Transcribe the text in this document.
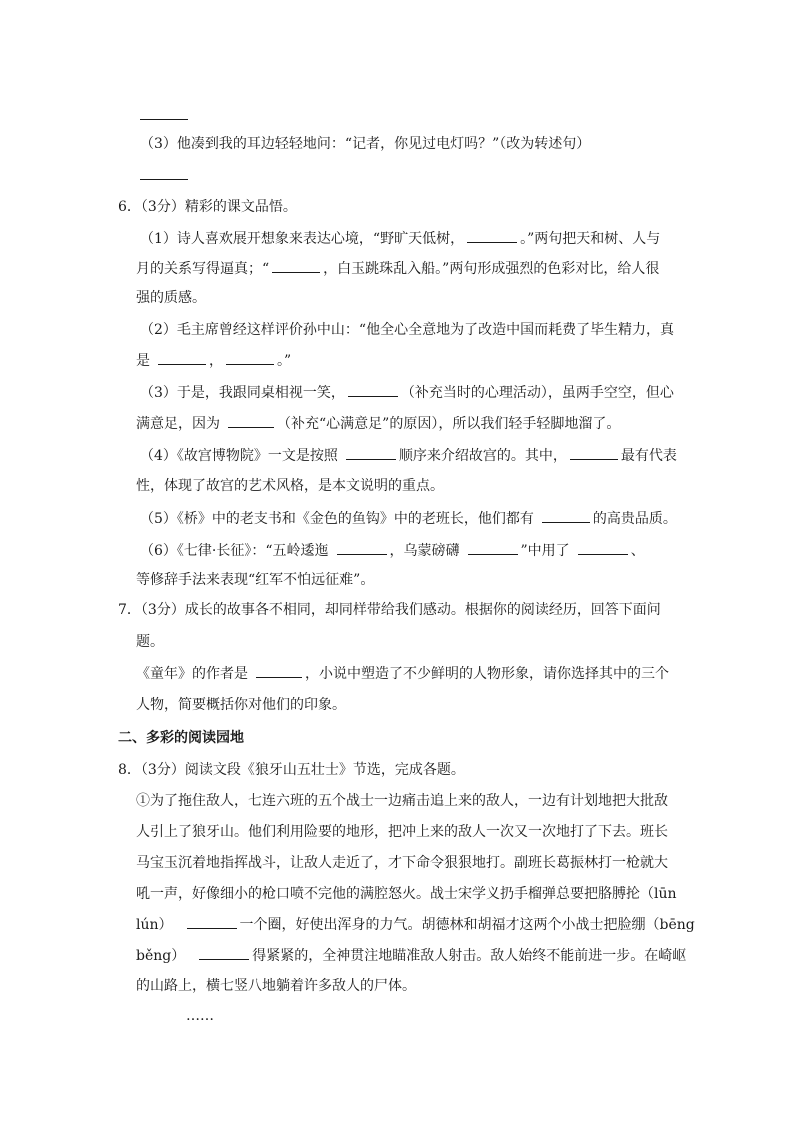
（3）他凑到我的耳边轻轻地问：“记者，你见过电灯吗？”（改为转述句）
6．（3分）精彩的课文品悟。
（1）诗人喜欢展开想象来表达心境，“野旷天低树，	。”两句把天和树、人与
月的关系写得逼真；“	，白玉跳珠乱入船。”两句形成强烈的色彩对比，给人很
强的质感。
（2）毛主席曾经这样评价孙中山：“他全心全意地为了改造中国而耗费了毕生精力，真
是	，	。”
（3）于是，我跟同桌相视一笑，	（补充当时的心理活动），虽两手空空，但心
满意足，因为	（补充“心满意足”的原因），所以我们轻手轻脚地溜了。
（4）《故宫博物院》一文是按照	顺序来介绍故宫的。其中，	最有代表
性，体现了故宫的艺术风格，是本文说明的重点。
（5）《桥》中的老支书和《金色的鱼钩》中的老班长，他们都有	的高贵品质。
（6）《七律·长征》：“五岭逶迤	，乌蒙磅礴	”中用了	、
等修辞手法来表现“红军不怕远征难”。
7．（3分）成长的故事各不相同，却同样带给我们感动。根据你的阅读经历，回答下面问
题。
《童年》的作者是	，小说中塑造了不少鲜明的人物形象，请你选择其中的三个
人物，简要概括你对他们的印象。
二、多彩的阅读园地
8．（3分）阅读文段《狼牙山五壮士》节选，完成各题。
①为了拖住敌人，七连六班的五个战士一边痛击追上来的敌人，一边有计划地把大批敌
人引上了狼牙山。他们利用险要的地形，把冲上来的敌人一次又一次地打了下去。班长
马宝玉沉着地指挥战斗，让敌人走近了，才下命令狠狠地打。副班长葛振林打一枪就大
吼一声，好像细小的枪口喷不完他的满腔怒火。战士宋学义扔手榴弹总要把胳膊抡（lūn
lún）	一个圈，好使出浑身的力气。胡德林和胡福才这两个小战士把脸绷（bēng
běng）	得紧紧的，全神贯注地瞄准敌人射击。敌人始终不能前进一步。在崎岖
的山路上，横七竖八地躺着许多敌人的尸体。
……
